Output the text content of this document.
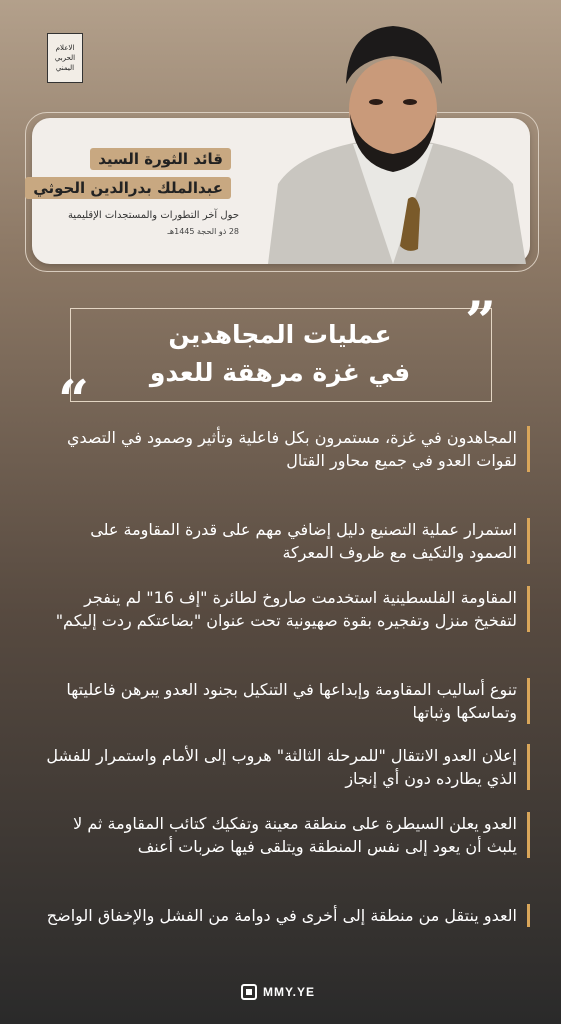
الاعلام
الحربي
اليمني
قائد الثورة السيد
عبدالملك بدرالدين الحوثي
حول آخر التطورات والمستجدات الإقليمية
28 ذو الحجة 1445هـ
”
“
عمليات المجاهدين
في غزة مرهقة للعدو
المجاهدون في غزة، مستمرون بكل فاعلية وتأثير وصمود في التصدي لقوات العدو في جميع محاور القتال
استمرار عملية التصنيع دليل إضافي مهم على قدرة المقاومة على الصمود والتكيف مع ظروف المعركة
المقاومة الفلسطينية استخدمت صاروخ لطائرة "إف 16" لم ينفجر لتفخيخ منزل وتفجيره بقوة صهيونية تحت عنوان "بضاعتكم ردت إليكم"
تنوع أساليب المقاومة وإبداعها في التنكيل بجنود العدو يبرهن فاعليتها وتماسكها وثباتها
إعلان العدو الانتقال "للمرحلة الثالثة" هروب إلى الأمام واستمرار للفشل الذي يطارده دون أي إنجاز
العدو يعلن السيطرة على منطقة معينة وتفكيك كتائب المقاومة ثم لا يلبث أن يعود إلى نفس المنطقة ويتلقى فيها ضربات أعنف
العدو ينتقل من منطقة إلى أخرى في دوامة من الفشل والإخفاق الواضح
MMY.YE
